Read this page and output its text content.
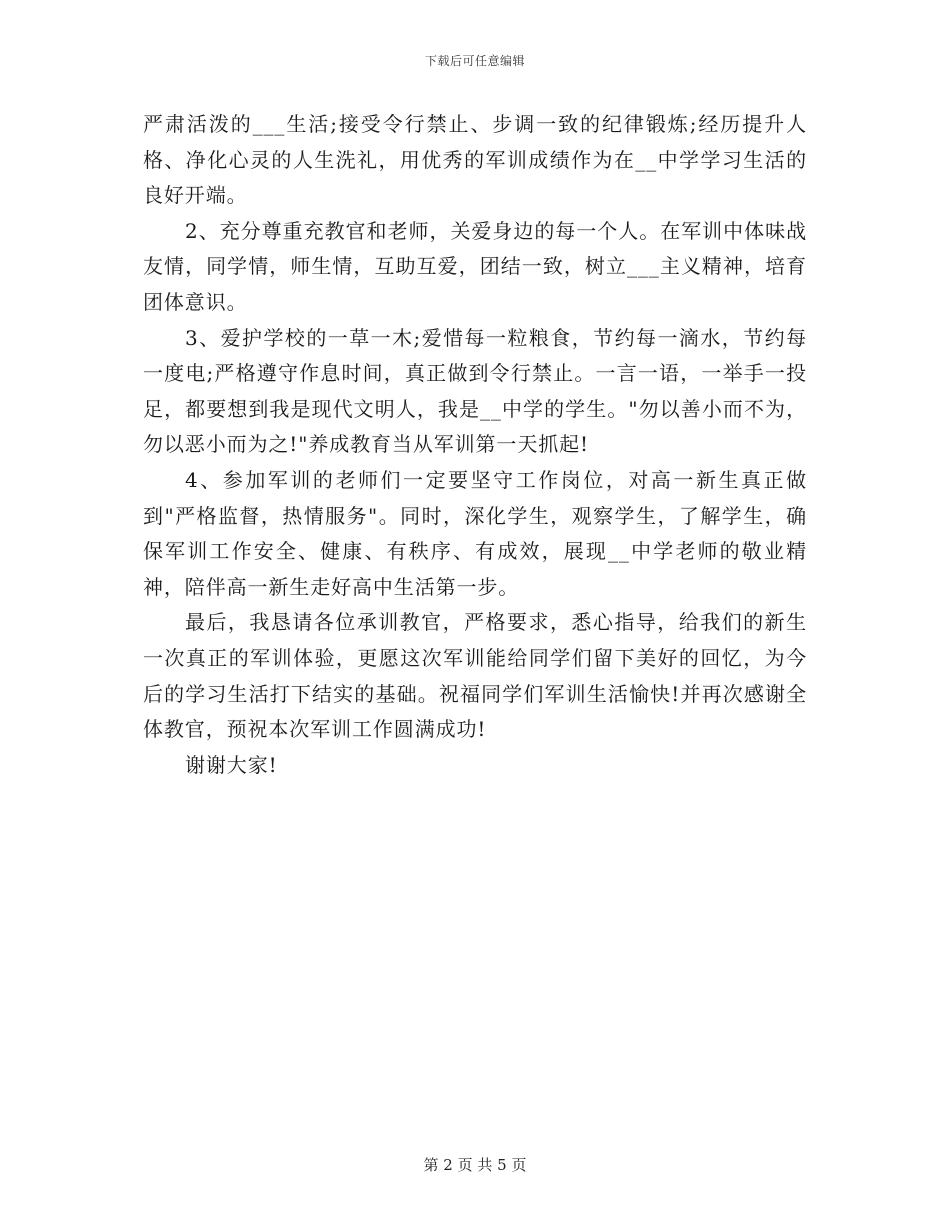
下载后可任意编辑

严肃活泼的___生活;接受令行禁止、步调一致的纪律锻炼;经历提升人格、净化心灵的人生洗礼，用优秀的军训成绩作为在__中学学习生活的良好开端。

2、充分尊重充教官和老师，关爱身边的每一个人。在军训中体味战友情，同学情，师生情，互助互爱，团结一致，树立___主义精神，培育团体意识。

3、爱护学校的一草一木;爱惜每一粒粮食，节约每一滴水，节约每一度电;严格遵守作息时间，真正做到令行禁止。一言一语，一举手一投足，都要想到我是现代文明人，我是__中学的学生。"勿以善小而不为，勿以恶小而为之!"养成教育当从军训第一天抓起!

4、参加军训的老师们一定要坚守工作岗位，对高一新生真正做到"严格监督，热情服务"。同时，深化学生，观察学生，了解学生，确保军训工作安全、健康、有秩序、有成效，展现__中学老师的敬业精神，陪伴高一新生走好高中生活第一步。

最后，我恳请各位承训教官，严格要求，悉心指导，给我们的新生一次真正的军训体验，更愿这次军训能给同学们留下美好的回忆，为今后的学习生活打下结实的基础。祝福同学们军训生活愉快!并再次感谢全体教官，预祝本次军训工作圆满成功!

谢谢大家!

第 2 页 共 5 页
